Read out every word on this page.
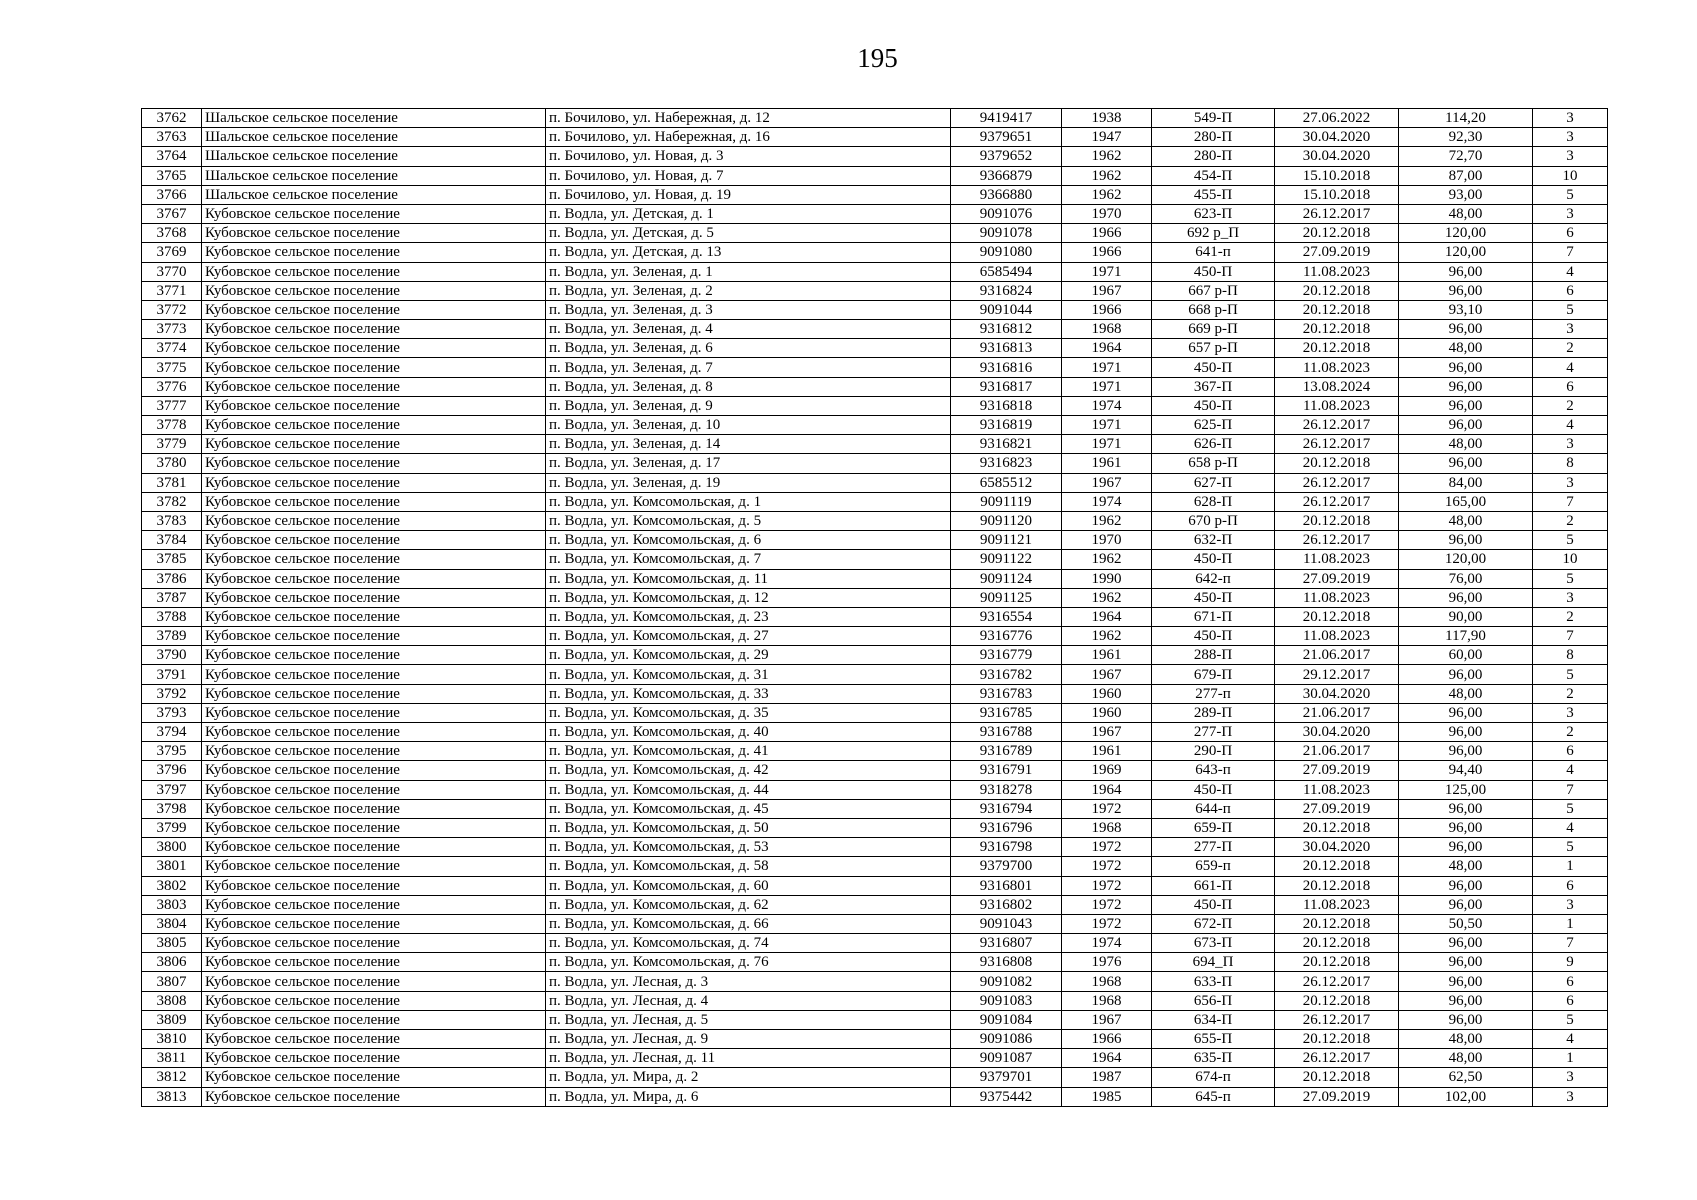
195
3762	Шальское сельское поселение	п. Бочилово, ул. Набережная, д. 12	9419417	1938	549-П	27.06.2022	114,20	3
3763	Шальское сельское поселение	п. Бочилово, ул. Набережная, д. 16	9379651	1947	280-П	30.04.2020	92,30	3
3764	Шальское сельское поселение	п. Бочилово, ул. Новая, д. 3	9379652	1962	280-П	30.04.2020	72,70	3
3765	Шальское сельское поселение	п. Бочилово, ул. Новая, д. 7	9366879	1962	454-П	15.10.2018	87,00	10
3766	Шальское сельское поселение	п. Бочилово, ул. Новая, д. 19	9366880	1962	455-П	15.10.2018	93,00	5
3767	Кубовское сельское поселение	п. Водла, ул. Детская, д. 1	9091076	1970	623-П	26.12.2017	48,00	3
3768	Кубовское сельское поселение	п. Водла, ул. Детская, д. 5	9091078	1966	692 р_П	20.12.2018	120,00	6
3769	Кубовское сельское поселение	п. Водла, ул. Детская, д. 13	9091080	1966	641-п	27.09.2019	120,00	7
3770	Кубовское сельское поселение	п. Водла, ул. Зеленая, д. 1	6585494	1971	450-П	11.08.2023	96,00	4
3771	Кубовское сельское поселение	п. Водла, ул. Зеленая, д. 2	9316824	1967	667 р-П	20.12.2018	96,00	6
3772	Кубовское сельское поселение	п. Водла, ул. Зеленая, д. 3	9091044	1966	668 р-П	20.12.2018	93,10	5
3773	Кубовское сельское поселение	п. Водла, ул. Зеленая, д. 4	9316812	1968	669 р-П	20.12.2018	96,00	3
3774	Кубовское сельское поселение	п. Водла, ул. Зеленая, д. 6	9316813	1964	657 р-П	20.12.2018	48,00	2
3775	Кубовское сельское поселение	п. Водла, ул. Зеленая, д. 7	9316816	1971	450-П	11.08.2023	96,00	4
3776	Кубовское сельское поселение	п. Водла, ул. Зеленая, д. 8	9316817	1971	367-П	13.08.2024	96,00	6
3777	Кубовское сельское поселение	п. Водла, ул. Зеленая, д. 9	9316818	1974	450-П	11.08.2023	96,00	2
3778	Кубовское сельское поселение	п. Водла, ул. Зеленая, д. 10	9316819	1971	625-П	26.12.2017	96,00	4
3779	Кубовское сельское поселение	п. Водла, ул. Зеленая, д. 14	9316821	1971	626-П	26.12.2017	48,00	3
3780	Кубовское сельское поселение	п. Водла, ул. Зеленая, д. 17	9316823	1961	658 р-П	20.12.2018	96,00	8
3781	Кубовское сельское поселение	п. Водла, ул. Зеленая, д. 19	6585512	1967	627-П	26.12.2017	84,00	3
3782	Кубовское сельское поселение	п. Водла, ул. Комсомольская, д. 1	9091119	1974	628-П	26.12.2017	165,00	7
3783	Кубовское сельское поселение	п. Водла, ул. Комсомольская, д. 5	9091120	1962	670 р-П	20.12.2018	48,00	2
3784	Кубовское сельское поселение	п. Водла, ул. Комсомольская, д. 6	9091121	1970	632-П	26.12.2017	96,00	5
3785	Кубовское сельское поселение	п. Водла, ул. Комсомольская, д. 7	9091122	1962	450-П	11.08.2023	120,00	10
3786	Кубовское сельское поселение	п. Водла, ул. Комсомольская, д. 11	9091124	1990	642-п	27.09.2019	76,00	5
3787	Кубовское сельское поселение	п. Водла, ул. Комсомольская, д. 12	9091125	1962	450-П	11.08.2023	96,00	3
3788	Кубовское сельское поселение	п. Водла, ул. Комсомольская, д. 23	9316554	1964	671-П	20.12.2018	90,00	2
3789	Кубовское сельское поселение	п. Водла, ул. Комсомольская, д. 27	9316776	1962	450-П	11.08.2023	117,90	7
3790	Кубовское сельское поселение	п. Водла, ул. Комсомольская, д. 29	9316779	1961	288-П	21.06.2017	60,00	8
3791	Кубовское сельское поселение	п. Водла, ул. Комсомольская, д. 31	9316782	1967	679-П	29.12.2017	96,00	5
3792	Кубовское сельское поселение	п. Водла, ул. Комсомольская, д. 33	9316783	1960	277-п	30.04.2020	48,00	2
3793	Кубовское сельское поселение	п. Водла, ул. Комсомольская, д. 35	9316785	1960	289-П	21.06.2017	96,00	3
3794	Кубовское сельское поселение	п. Водла, ул. Комсомольская, д. 40	9316788	1967	277-П	30.04.2020	96,00	2
3795	Кубовское сельское поселение	п. Водла, ул. Комсомольская, д. 41	9316789	1961	290-П	21.06.2017	96,00	6
3796	Кубовское сельское поселение	п. Водла, ул. Комсомольская, д. 42	9316791	1969	643-п	27.09.2019	94,40	4
3797	Кубовское сельское поселение	п. Водла, ул. Комсомольская, д. 44	9318278	1964	450-П	11.08.2023	125,00	7
3798	Кубовское сельское поселение	п. Водла, ул. Комсомольская, д. 45	9316794	1972	644-п	27.09.2019	96,00	5
3799	Кубовское сельское поселение	п. Водла, ул. Комсомольская, д. 50	9316796	1968	659-П	20.12.2018	96,00	4
3800	Кубовское сельское поселение	п. Водла, ул. Комсомольская, д. 53	9316798	1972	277-П	30.04.2020	96,00	5
3801	Кубовское сельское поселение	п. Водла, ул. Комсомольская, д. 58	9379700	1972	659-п	20.12.2018	48,00	1
3802	Кубовское сельское поселение	п. Водла, ул. Комсомольская, д. 60	9316801	1972	661-П	20.12.2018	96,00	6
3803	Кубовское сельское поселение	п. Водла, ул. Комсомольская, д. 62	9316802	1972	450-П	11.08.2023	96,00	3
3804	Кубовское сельское поселение	п. Водла, ул. Комсомольская, д. 66	9091043	1972	672-П	20.12.2018	50,50	1
3805	Кубовское сельское поселение	п. Водла, ул. Комсомольская, д. 74	9316807	1974	673-П	20.12.2018	96,00	7
3806	Кубовское сельское поселение	п. Водла, ул. Комсомольская, д. 76	9316808	1976	694_П	20.12.2018	96,00	9
3807	Кубовское сельское поселение	п. Водла, ул. Лесная, д. 3	9091082	1968	633-П	26.12.2017	96,00	6
3808	Кубовское сельское поселение	п. Водла, ул. Лесная, д. 4	9091083	1968	656-П	20.12.2018	96,00	6
3809	Кубовское сельское поселение	п. Водла, ул. Лесная, д. 5	9091084	1967	634-П	26.12.2017	96,00	5
3810	Кубовское сельское поселение	п. Водла, ул. Лесная, д. 9	9091086	1966	655-П	20.12.2018	48,00	4
3811	Кубовское сельское поселение	п. Водла, ул. Лесная, д. 11	9091087	1964	635-П	26.12.2017	48,00	1
3812	Кубовское сельское поселение	п. Водла, ул. Мира, д. 2	9379701	1987	674-п	20.12.2018	62,50	3
3813	Кубовское сельское поселение	п. Водла, ул. Мира, д. 6	9375442	1985	645-п	27.09.2019	102,00	3
